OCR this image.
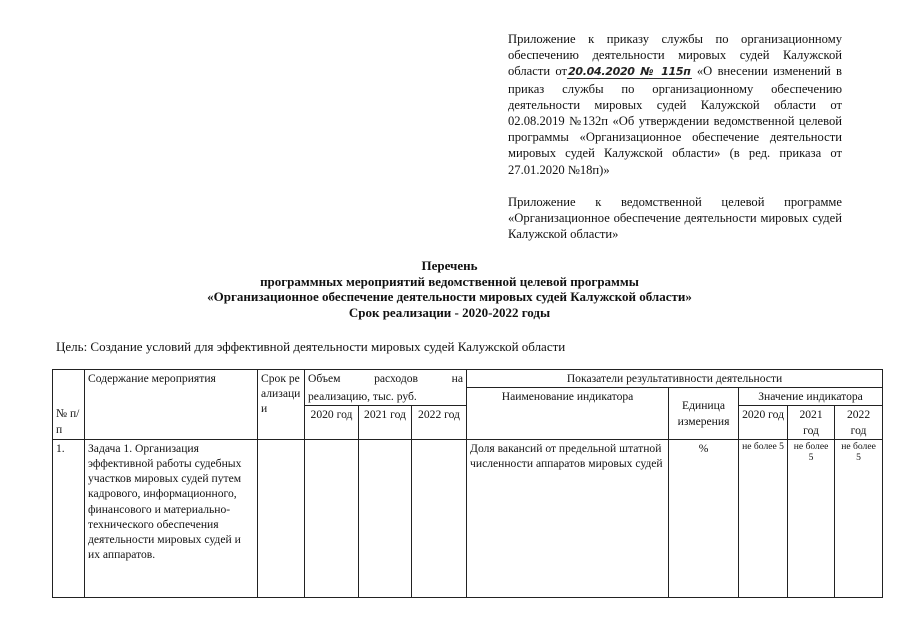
Приложение к приказу службы по организационному обеспечению деятельности мировых судей Калужской области от20.04.2020 № 115п «О внесении изменений в приказ службы по организационному обеспечению деятельности мировых судей Калужской области от 02.08.2019 №132п «Об утверждении ведомственной целевой программы «Организационное обеспечение деятельности мировых судей Калужской области» (в ред. приказа от 27.01.2020 №18п)»

Приложение к ведомственной целевой программе «Организационное обеспечение деятельности мировых судей Калужской области»

Перечень
программных мероприятий ведомственной целевой программы
«Организационное обеспечение деятельности мировых судей Калужской области»
Срок реализации - 2020-2022 годы
Цель: Создание условий для эффективной деятельности мировых судей Калужской области
№ п/п	Содержание мероприятия	Срок реализации	Объем расходов на			Показатели результативности деятельности				
			реализацию, тыс. руб.			Наименование индикатора	Единица измерения	Значение индикатора		
			2020 год	2021 год	2022 год			2020 год	2021 год	2022 год
1.	Задача 1. Организация эффективной работы судебных участков мировых судей путем кадрового, информационного, финансового и материально-технического обеспечения деятельности мировых судей и их аппаратов.					Доля вакансий от предельной штатной численности аппаратов мировых судей	%	не более 5	не более 5	не более 5
